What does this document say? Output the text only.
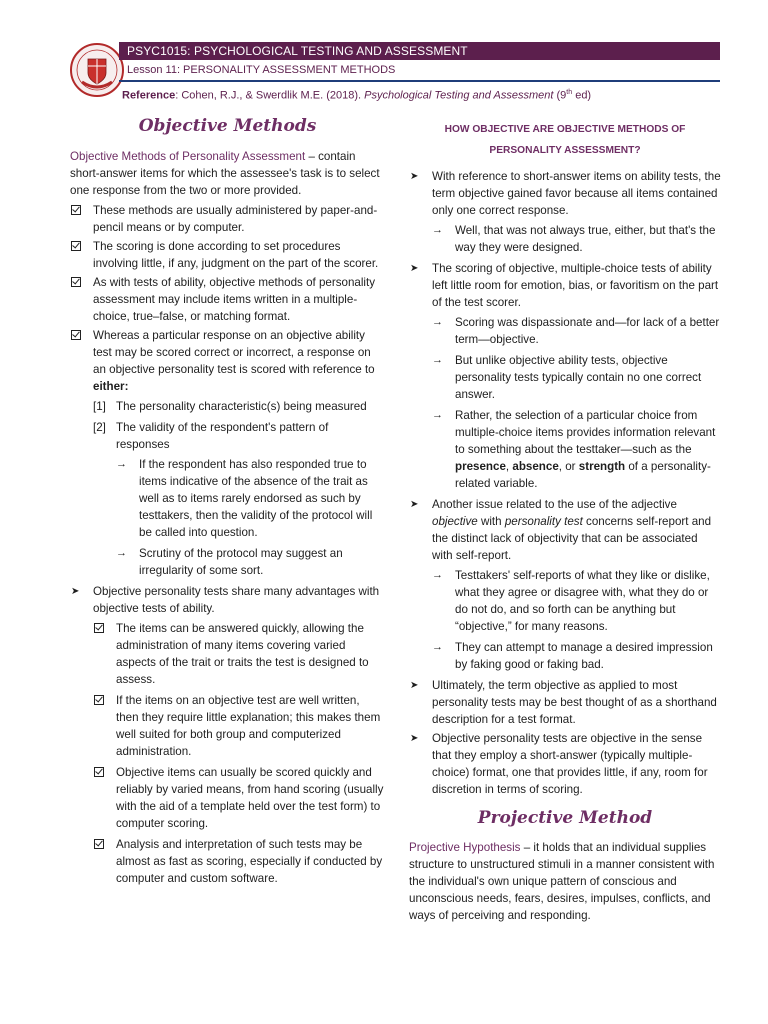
PSYC1015: PSYCHOLOGICAL TESTING AND ASSESSMENT
Lesson 11: PERSONALITY ASSESSMENT METHODS
Reference: Cohen, R.J., & Swerdlik M.E. (2018). Psychological Testing and Assessment (9th ed)
Objective Methods

Objective Methods of Personality Assessment – contain short-answer items for which the assessee's task is to select one response from the two or more provided.

These methods are usually administered by paper-and-pencil means or by computer.
The scoring is done according to set procedures involving little, if any, judgment on the part of the scorer.
As with tests of ability, objective methods of personality assessment may include items written in a multiple-choice, true–false, or matching format.
Whereas a particular response on an objective ability test may be scored correct or incorrect, a response on an objective personality test is scored with reference to either:
[1] The personality characteristic(s) being measured
[2] The validity of the respondent's pattern of responses
→ If the respondent has also responded true to items indicative of the absence of the trait as well as to items rarely endorsed as such by testtakers, then the validity of the protocol will be called into question.
→ Scrutiny of the protocol may suggest an irregularity of some sort.
➤ Objective personality tests share many advantages with objective tests of ability.
The items can be answered quickly, allowing the administration of many items covering varied aspects of the trait or traits the test is designed to assess.
If the items on an objective test are well written, then they require little explanation; this makes them well suited for both group and computerized administration.
Objective items can usually be scored quickly and reliably by varied means, from hand scoring (usually with the aid of a template held over the test form) to computer scoring.
Analysis and interpretation of such tests may be almost as fast as scoring, especially if conducted by computer and custom software.
HOW OBJECTIVE ARE OBJECTIVE METHODS OF PERSONALITY ASSESSMENT?
➤ With reference to short-answer items on ability tests, the term objective gained favor because all items contained only one correct response.
→ Well, that was not always true, either, but that's the way they were designed.
➤ The scoring of objective, multiple-choice tests of ability left little room for emotion, bias, or favoritism on the part of the test scorer.
→ Scoring was dispassionate and—for lack of a better term—objective.
→ But unlike objective ability tests, objective personality tests typically contain no one correct answer.
→ Rather, the selection of a particular choice from multiple-choice items provides information relevant to something about the testtaker—such as the presence, absence, or strength of a personality-related variable.
➤ Another issue related to the use of the adjective objective with personality test concerns self-report and the distinct lack of objectivity that can be associated with self-report.
→ Testtakers' self-reports of what they like or dislike, what they agree or disagree with, what they do or do not do, and so forth can be anything but “objective,” for many reasons.
→ They can attempt to manage a desired impression by faking good or faking bad.
➤ Ultimately, the term objective as applied to most personality tests may be best thought of as a shorthand description for a test format.
➤ Objective personality tests are objective in the sense that they employ a short-answer (typically multiple-choice) format, one that provides little, if any, room for discretion in terms of scoring.
Projective Method

Projective Hypothesis – it holds that an individual supplies structure to unstructured stimuli in a manner consistent with the individual's own unique pattern of conscious and unconscious needs, fears, desires, impulses, conflicts, and ways of perceiving and responding.
